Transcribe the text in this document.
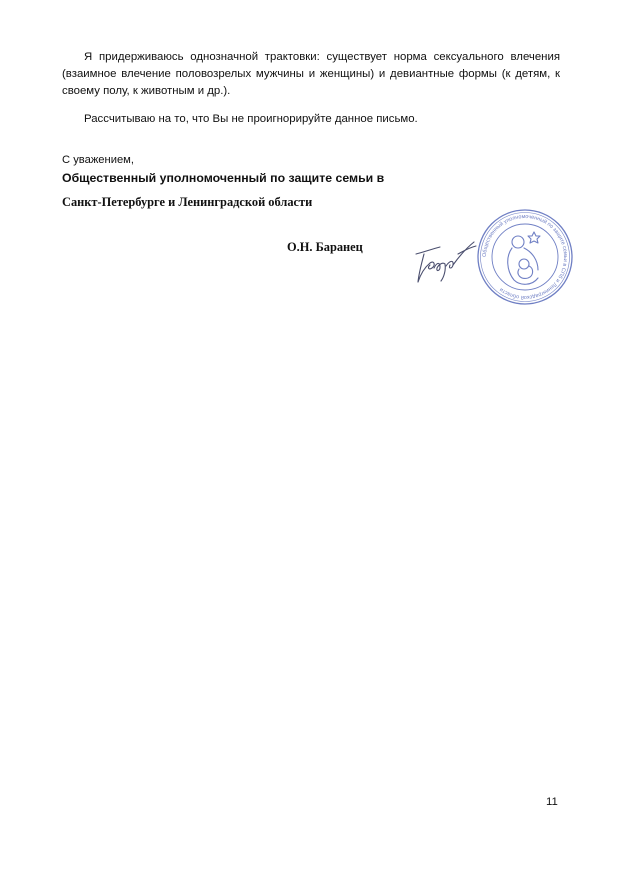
Я придерживаюсь однозначной трактовки: существует норма сексуального влечения (взаимное влечение половозрелых мужчины и женщины) и девиантные формы (к детям, к своему полу, к животным и др.).

Рассчитываю на то, что Вы не проигнорируйте данное письмо.

С уважением,
Общественный уполномоченный по защите семьи в
Санкт-Петербурге и Ленинградской области
О.Н. Баранец
Общественный уполномоченный по защите семьи в СПб и Ленинградской области
11
